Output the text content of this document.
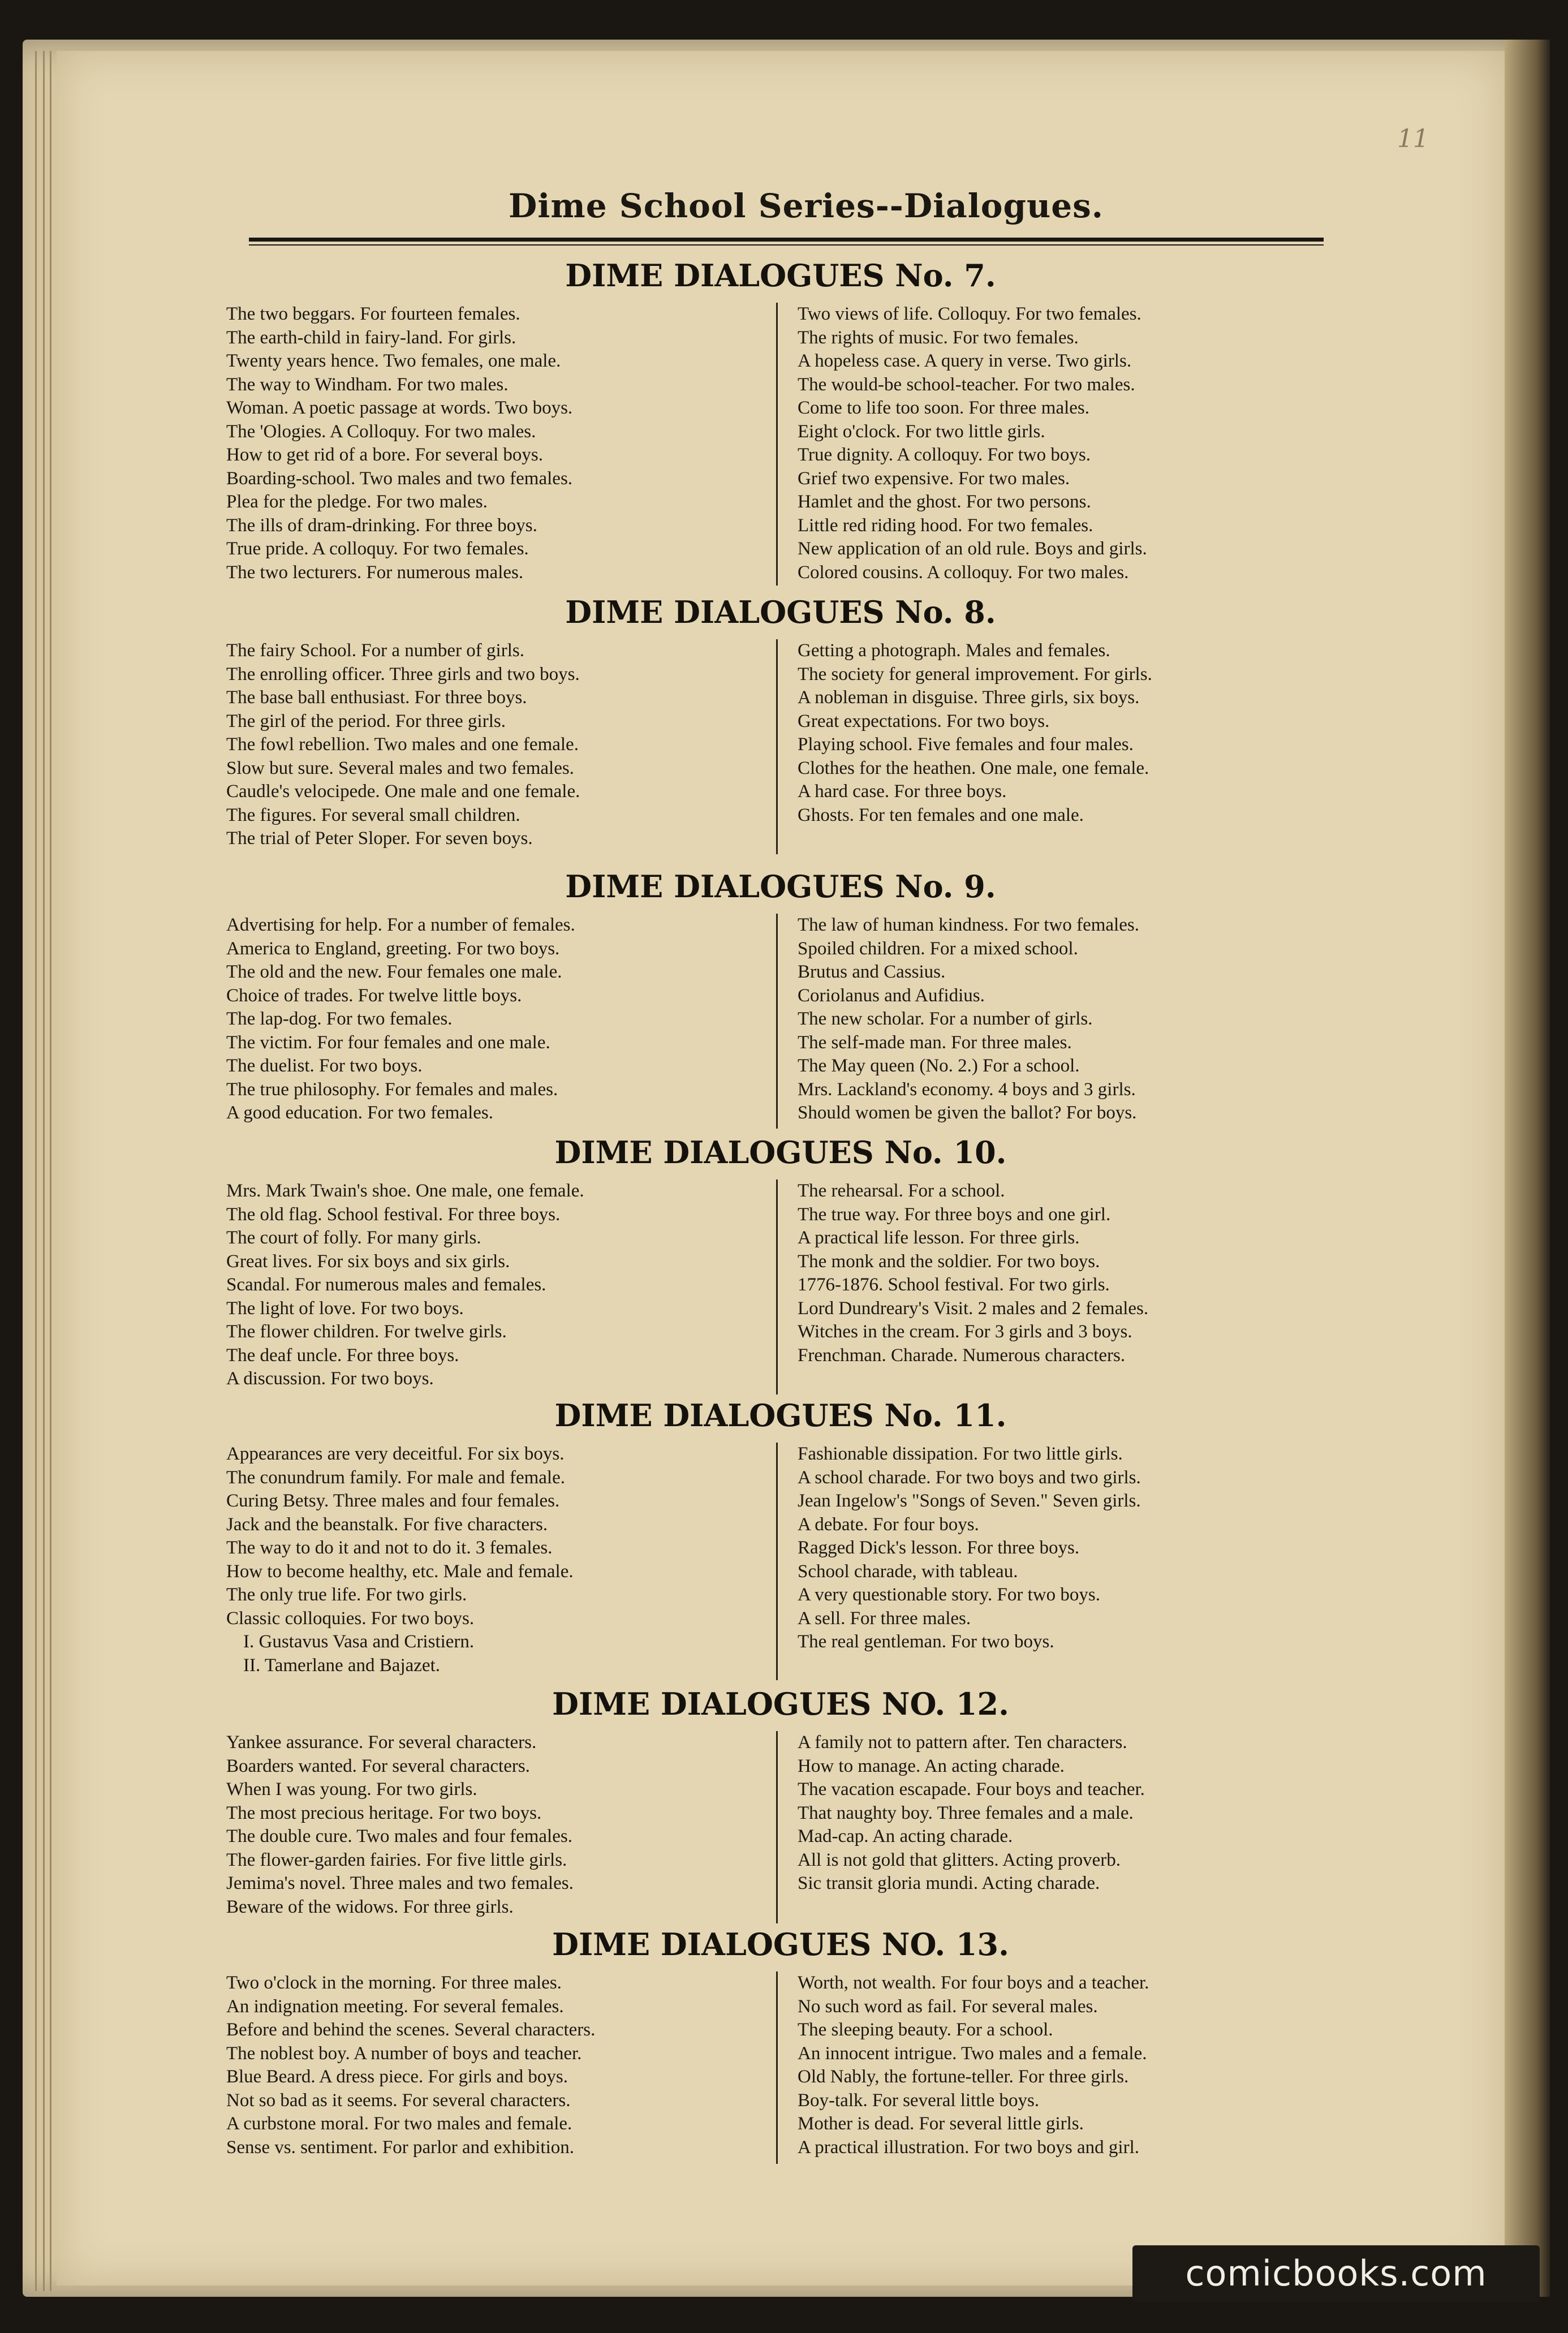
11
Dime School Series--Dialogues.
DIME DIALOGUES No. 7.
The two beggars. For fourteen females.
The earth-child in fairy-land. For girls.
Twenty years hence. Two females, one male.
The way to Windham. For two males.
Woman. A poetic passage at words. Two boys.
The 'Ologies. A Colloquy. For two males.
How to get rid of a bore. For several boys.
Boarding-school. Two males and two females.
Plea for the pledge. For two males.
The ills of dram-drinking. For three boys.
True pride. A colloquy. For two females.
The two lecturers. For numerous males.
Two views of life. Colloquy. For two females.
The rights of music. For two females.
A hopeless case. A query in verse. Two girls.
The would-be school-teacher. For two males.
Come to life too soon. For three males.
Eight o'clock. For two little girls.
True dignity. A colloquy. For two boys.
Grief two expensive. For two males.
Hamlet and the ghost. For two persons.
Little red riding hood. For two females.
New application of an old rule. Boys and girls.
Colored cousins. A colloquy. For two males.
DIME DIALOGUES No. 8.
The fairy School. For a number of girls.
The enrolling officer. Three girls and two boys.
The base ball enthusiast. For three boys.
The girl of the period. For three girls.
The fowl rebellion. Two males and one female.
Slow but sure. Several males and two females.
Caudle's velocipede. One male and one female.
The figures. For several small children.
The trial of Peter Sloper. For seven boys.
Getting a photograph. Males and females.
The society for general improvement. For girls.
A nobleman in disguise. Three girls, six boys.
Great expectations. For two boys.
Playing school. Five females and four males.
Clothes for the heathen. One male, one female.
A hard case. For three boys.
Ghosts. For ten females and one male.
DIME DIALOGUES No. 9.
Advertising for help. For a number of females.
America to England, greeting. For two boys.
The old and the new. Four females one male.
Choice of trades. For twelve little boys.
The lap-dog. For two females.
The victim. For four females and one male.
The duelist. For two boys.
The true philosophy. For females and males.
A good education. For two females.
The law of human kindness. For two females.
Spoiled children. For a mixed school.
Brutus and Cassius.
Coriolanus and Aufidius.
The new scholar. For a number of girls.
The self-made man. For three males.
The May queen (No. 2.) For a school.
Mrs. Lackland's economy. 4 boys and 3 girls.
Should women be given the ballot? For boys.
DIME DIALOGUES No. 10.
Mrs. Mark Twain's shoe. One male, one female.
The old flag. School festival. For three boys.
The court of folly. For many girls.
Great lives. For six boys and six girls.
Scandal. For numerous males and females.
The light of love. For two boys.
The flower children. For twelve girls.
The deaf uncle. For three boys.
A discussion. For two boys.
The rehearsal. For a school.
The true way. For three boys and one girl.
A practical life lesson. For three girls.
The monk and the soldier. For two boys.
1776-1876. School festival. For two girls.
Lord Dundreary's Visit. 2 males and 2 females.
Witches in the cream. For 3 girls and 3 boys.
Frenchman. Charade. Numerous characters.
DIME DIALOGUES No. 11.
Appearances are very deceitful. For six boys.
The conundrum family. For male and female.
Curing Betsy. Three males and four females.
Jack and the beanstalk. For five characters.
The way to do it and not to do it. 3 females.
How to become healthy, etc. Male and female.
The only true life. For two girls.
Classic colloquies. For two boys.
I. Gustavus Vasa and Cristiern.
II. Tamerlane and Bajazet.
Fashionable dissipation. For two little girls.
A school charade. For two boys and two girls.
Jean Ingelow's "Songs of Seven." Seven girls.
A debate. For four boys.
Ragged Dick's lesson. For three boys.
School charade, with tableau.
A very questionable story. For two boys.
A sell. For three males.
The real gentleman. For two boys.
DIME DIALOGUES NO. 12.
Yankee assurance. For several characters.
Boarders wanted. For several characters.
When I was young. For two girls.
The most precious heritage. For two boys.
The double cure. Two males and four females.
The flower-garden fairies. For five little girls.
Jemima's novel. Three males and two females.
Beware of the widows. For three girls.
A family not to pattern after. Ten characters.
How to manage. An acting charade.
The vacation escapade. Four boys and teacher.
That naughty boy. Three females and a male.
Mad-cap. An acting charade.
All is not gold that glitters. Acting proverb.
Sic transit gloria mundi. Acting charade.
DIME DIALOGUES NO. 13.
Two o'clock in the morning. For three males.
An indignation meeting. For several females.
Before and behind the scenes. Several characters.
The noblest boy. A number of boys and teacher.
Blue Beard. A dress piece. For girls and boys.
Not so bad as it seems. For several characters.
A curbstone moral. For two males and female.
Sense vs. sentiment. For parlor and exhibition.
Worth, not wealth. For four boys and a teacher.
No such word as fail. For several males.
The sleeping beauty. For a school.
An innocent intrigue. Two males and a female.
Old Nably, the fortune-teller. For three girls.
Boy-talk. For several little boys.
Mother is dead. For several little girls.
A practical illustration. For two boys and girl.
comicbooks.com
